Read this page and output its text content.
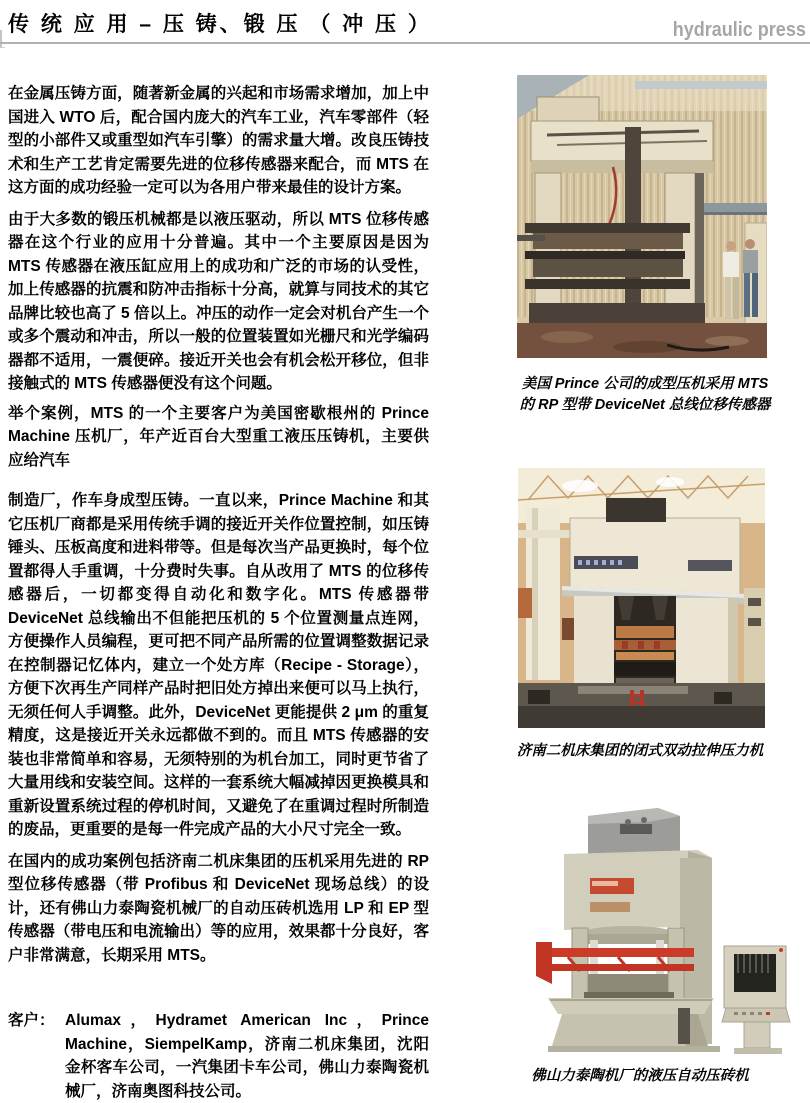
传 统 应 用 – 压 铸、锻 压 （ 冲 压 ）	hydraulic press

在金属压铸方面，随著新金属的兴起和市场需求增加，加上中国进入 WTO 后，配合国内庞大的汽车工业，汽车零部件（轻型的小部件又或重型如汽车引擎）的需求量大增。改良压铸技术和生产工艺肯定需要先进的位移传感器来配合，而 MTS 在这方面的成功经验一定可以为各用户带来最佳的设计方案。

由于大多数的锻压机械都是以液压驱动，所以 MTS 位移传感器在这个行业的应用十分普遍。其中一个主要原因是因为 MTS 传感器在液压缸应用上的成功和广泛的市场的认受性，加上传感器的抗震和防冲击指标十分高，就算与同技术的其它品牌比较也高了 5 倍以上。冲压的动作一定会对机台产生一个或多个震动和冲击，所以一般的位置装置如光栅尺和光学编码器都不适用，一震便碎。接近开关也会有机会松开移位，但非接触式的 MTS 传感器便没有这个问题。

举个案例，MTS 的一个主要客户为美国密歇根州的 Prince Machine 压机厂，年产近百台大型重工液压压铸机，主要供应给汽车

制造厂，作车身成型压铸。一直以来，Prince Machine 和其它压机厂商都是采用传统手调的接近开关作位置控制，如压铸锤头、压板高度和进料带等。但是每次当产品更换时，每个位置都得人手重调，十分费时失事。自从改用了 MTS 的位移传感器后，一切都变得自动化和数字化。MTS 传感器带 DeviceNet 总线输出不但能把压机的 5 个位置测量点连网，方便操作人员编程，更可把不同产品所需的位置调整数据记录在控制器记忆体内，建立一个处方库（Recipe - Storage），方便下次再生产同样产品时把旧处方掉出来便可以马上执行，无须任何人手调整。此外，DeviceNet 更能提供 2 μm 的重复精度，这是接近开关永远都做不到的。而且 MTS 传感器的安装也非常简单和容易，无须特别的为机台加工，同时更节省了大量用线和安装空间。这样的一套系统大幅减掉因更换模具和重新设置系统过程的停机时间，又避免了在重调过程时所制造的废品，更重要的是每一件完成产品的大小尺寸完全一致。

在国内的成功案例包括济南二机床集团的压机采用先进的 RP 型位移传感器（带 Profibus 和 DeviceNet 现场总线）的设计，还有佛山力泰陶瓷机械厂的自动压砖机选用 LP 和 EP 型传感器（带电压和电流输出）等的应用，效果都十分良好，客户非常满意，长期采用 MTS。

客户： Alumax，Hydramet American Inc，Prince Machine，SiempelKamp，济南二机床集团，沈阳金杯客车公司，一汽集团卡车公司，佛山力泰陶瓷机械厂，济南奥图科技公司。

美国 Prince 公司的成型压机采用 MTS
的 RP 型带 DeviceNet 总线位移传感器
济南二机床集团的闭式双动拉伸压力机
佛山力泰陶机厂的液压自动压砖机
